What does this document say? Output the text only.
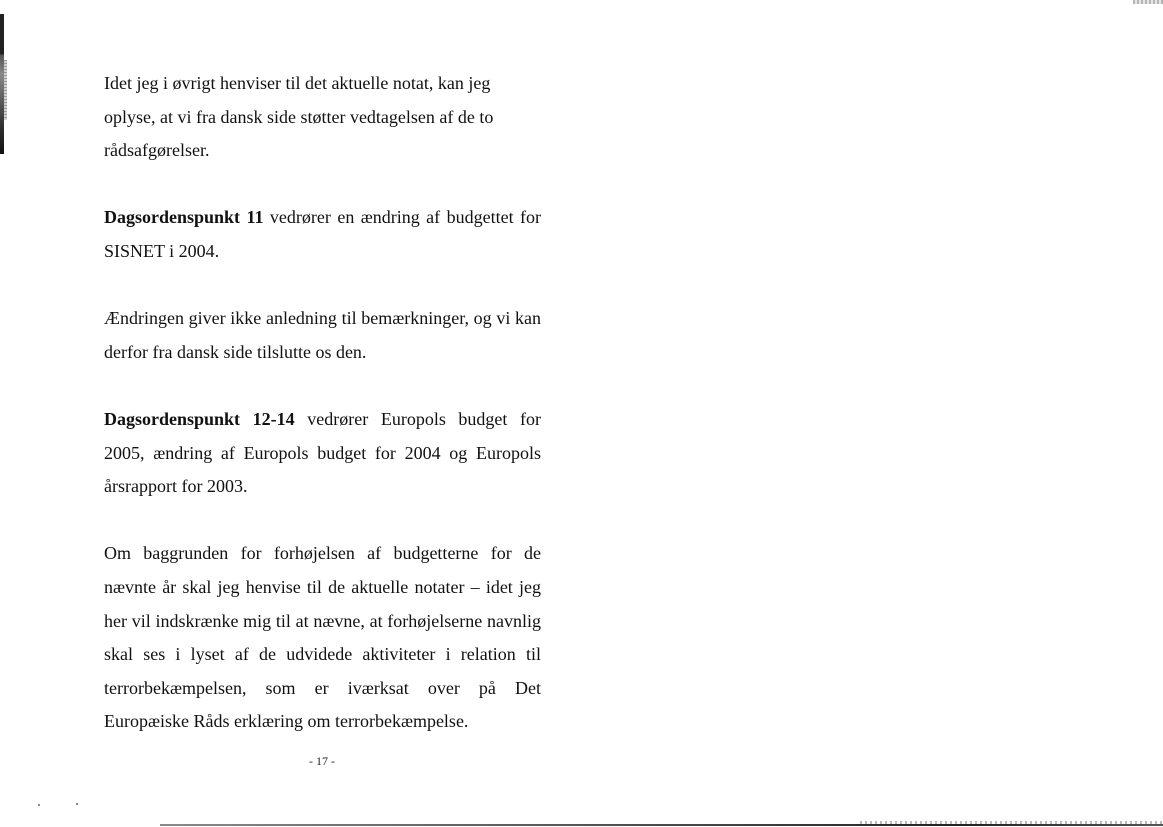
Idet jeg i øvrigt henviser til det aktuelle notat, kan jeg oplyse, at vi fra dansk side støtter vedtagelsen af de to rådsafgørelser.

Dagsordenspunkt 11 vedrører en ændring af budgettet for SISNET i 2004.

Ændringen giver ikke anledning til bemærkninger, og vi kan derfor fra dansk side tilslutte os den.

Dagsordenspunkt 12-14 vedrører Europols budget for 2005, ændring af Europols budget for 2004 og Europols årsrapport for 2003.

Om baggrunden for forhøjelsen af budgetterne for de nævnte år skal jeg henvise til de aktuelle notater – idet jeg her vil indskrænke mig til at nævne, at forhøjelserne navnlig skal ses i lyset af de udvidede aktiviteter i relation til terrorbekæmpelsen, som er iværksat over på Det Europæiske Råds erklæring om terrorbekæmpelse.

- 17 -
